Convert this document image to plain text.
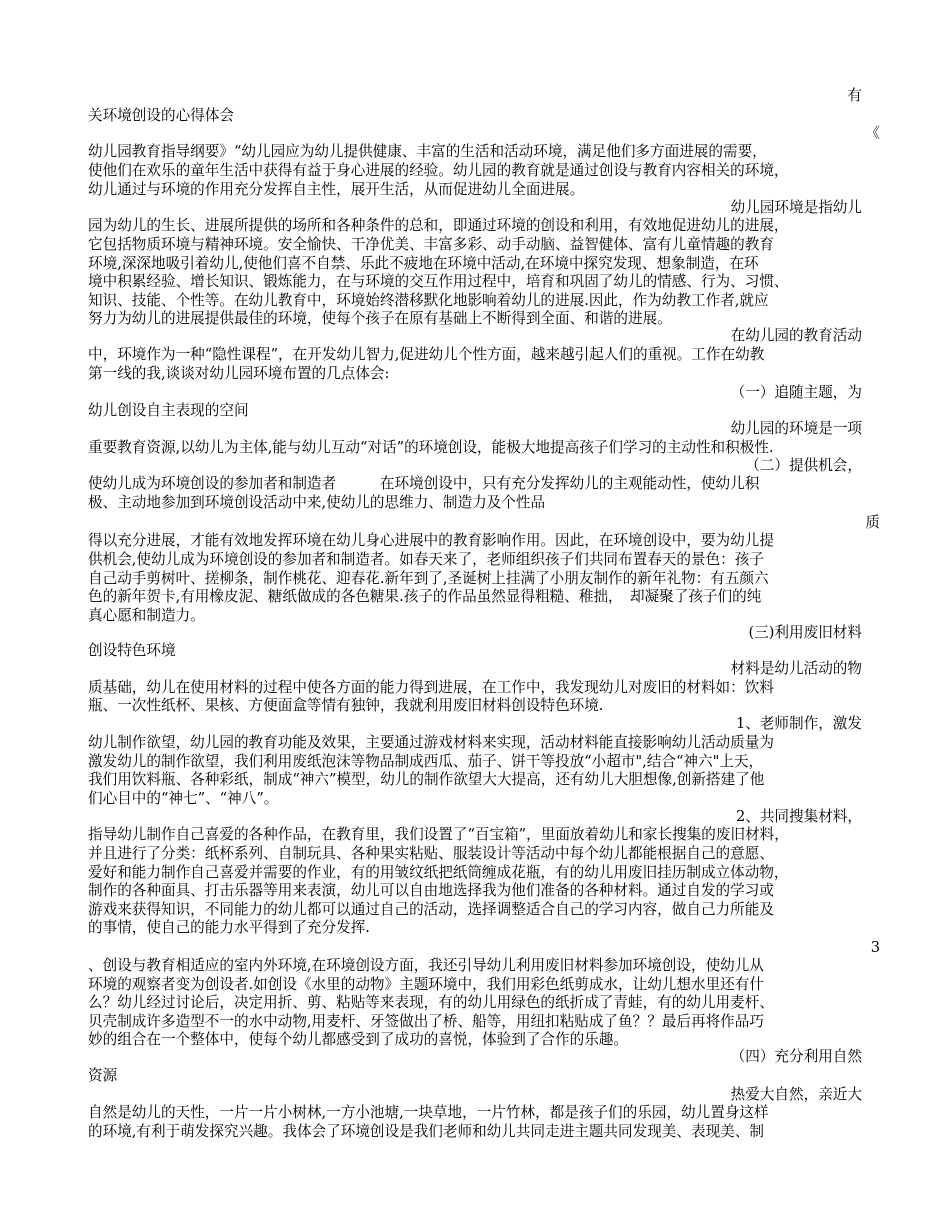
有
关环境创设的心得体会
《
幼儿园教育指导纲要》“幼儿园应为幼儿提供健康、丰富的生活和活动环境，满足他们多方面进展的需要，
使他们在欢乐的童年生活中获得有益于身心进展的经验。幼儿园的教育就是通过创设与教育内容相关的环境，
幼儿通过与环境的作用充分发挥自主性，展开生活，从而促进幼儿全面进展。
幼儿园环境是指幼儿
园为幼儿的生长、进展所提供的场所和各种条件的总和，即通过环境的创设和利用，有效地促进幼儿的进展，
它包括物质环境与精神环境。安全愉快、干净优美、丰富多彩、动手动脑、益智健体、富有儿童情趣的教育
环境,深深地吸引着幼儿,使他们喜不自禁、乐此不疲地在环境中活动,在环境中探究发现、想象制造，在环
境中积累经验、增长知识、锻炼能力，在与环境的交互作用过程中，培育和巩固了幼儿的情感、行为、习惯、
知识、技能、个性等。在幼儿教育中，环境始终潜移默化地影响着幼儿的进展.因此，作为幼教工作者,就应
努力为幼儿的进展提供最佳的环境，使每个孩子在原有基础上不断得到全面、和谐的进展。
在幼儿园的教育活动
中，环境作为一种“隐性课程”，在开发幼儿智力,促进幼儿个性方面，越来越引起人们的重视。工作在幼教
第一线的我,谈谈对幼儿园环境布置的几点体会:
（一）追随主题，为
幼儿创设自主表现的空间
幼儿园的环境是一项
重要教育资源,以幼儿为主体,能与幼儿互动“对话”的环境创设，能极大地提高孩子们学习的主动性和积极性.
（二）提供机会，
使幼儿成为环境创设的参加者和制造者　　　在环境创设中，只有充分发挥幼儿的主观能动性，使幼儿积
极、主动地参加到环境创设活动中来,使幼儿的思维力、制造力及个性品
质
得以充分进展，才能有效地发挥环境在幼儿身心进展中的教育影响作用。因此，在环境创设中，要为幼儿提
供机会,使幼儿成为环境创设的参加者和制造者。如春天来了，老师组织孩子们共同布置春天的景色：孩子
自己动手剪树叶、搓柳条，制作桃花、迎春花.新年到了,圣诞树上挂满了小朋友制作的新年礼物：有五颜六
色的新年贺卡,有用橡皮泥、糖纸做成的各色糖果.孩子的作品虽然显得粗糙、稚拙，　却凝聚了孩子们的纯
真心愿和制造力。
(三)利用废旧材料
创设特色环境
材料是幼儿活动的物
质基础，幼儿在使用材料的过程中使各方面的能力得到进展，在工作中，我发现幼儿对废旧的材料如：饮料
瓶、一次性纸杯、果核、方便面盒等情有独钟，我就利用废旧材料创设特色环境.
1、老师制作，激发
幼儿制作欲望，幼儿园的教育功能及效果，主要通过游戏材料来实现，活动材料能直接影响幼儿活动质量为
激发幼儿的制作欲望，我们利用废纸泡沫等物品制成西瓜、茄子、饼干等投放“小超市",结合“神六"上天，
我们用饮料瓶、各种彩纸，制成“神六”模型，幼儿的制作欲望大大提高，还有幼儿大胆想像,创新搭建了他
们心目中的“神七”、“神八”。
2、共同搜集材料，
指导幼儿制作自己喜爱的各种作品，在教育里，我们设置了“百宝箱”，里面放着幼儿和家长搜集的废旧材料，
并且进行了分类：纸杯系列、自制玩具、各种果实粘贴、服装设计等活动中每个幼儿都能根据自己的意愿、
爱好和能力制作自己喜爱并需要的作业，有的用皱纹纸把纸筒缠成花瓶，有的幼儿用废旧挂历制成立体动物，
制作的各种面具、打击乐器等用来表演，幼儿可以自由地选择我为他们准备的各种材料。通过自发的学习或
游戏来获得知识，不同能力的幼儿都可以通过自己的活动，选择调整适合自己的学习内容，做自己力所能及
的事情，使自己的能力水平得到了充分发挥.
3
、创设与教育相适应的室内外环境,在环境创设方面，我还引导幼儿利用废旧材料参加环境创设，使幼儿从
环境的观察者变为创设者.如创设《水里的动物》主题环境中，我们用彩色纸剪成水，让幼儿想水里还有什
么？幼儿经过讨论后，决定用折、剪、粘贴等来表现，有的幼儿用绿色的纸折成了青蛙，有的幼儿用麦杆、
贝壳制成许多造型不一的水中动物,用麦杆、牙签做出了桥、船等，用纽扣粘贴成了鱼？？最后再将作品巧
妙的组合在一个整体中，使每个幼儿都感受到了成功的喜悦，体验到了合作的乐趣。
（四）充分利用自然
资源
热爱大自然，亲近大
自然是幼儿的天性，一片一片小树林,一方小池塘,一块草地，一片竹林，都是孩子们的乐园，幼儿置身这样
的环境,有利于萌发探究兴趣。我体会了环境创设是我们老师和幼儿共同走进主题共同发现美、表现美、制
